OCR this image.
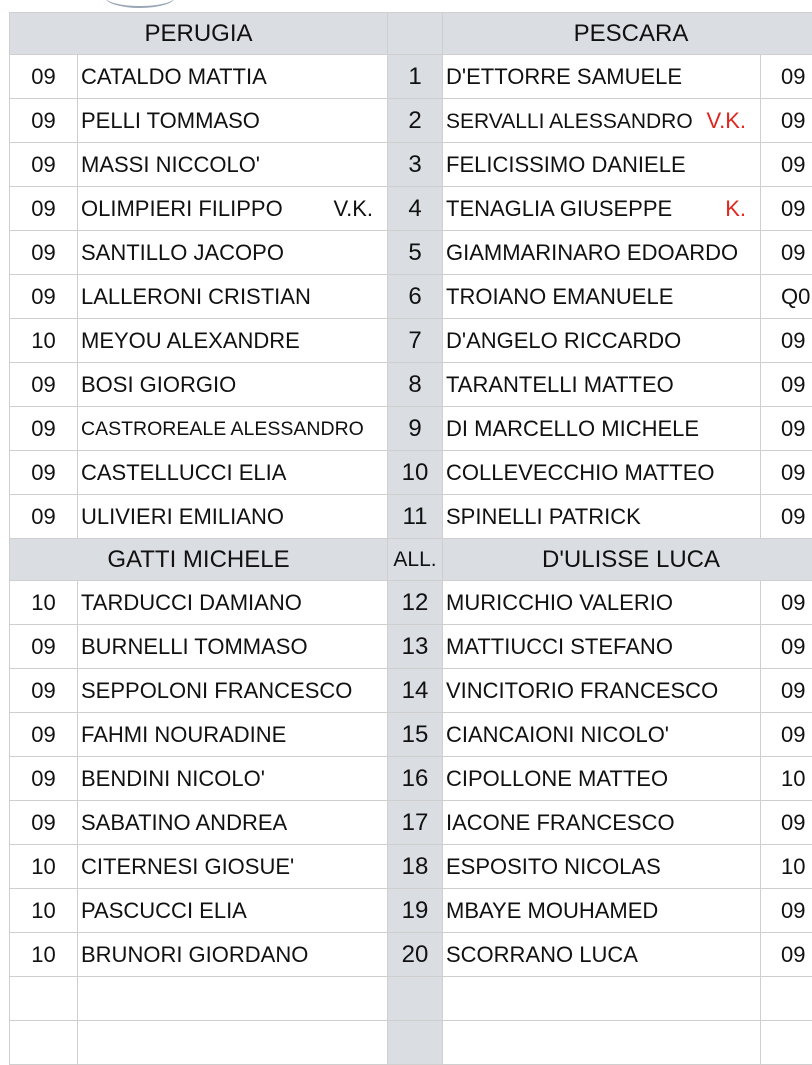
PERUGIA			PESCARA	
09	CATALDO MATTIA	1	D'ETTORRE SAMUELE	09
09	PELLI TOMMASO	2	SERVALLI ALESSANDRO V.K.	09
09	MASSI NICCOLO'	3	FELICISSIMO DANIELE	09
09	OLIMPIERI FILIPPO V.K.	4	TENAGLIA GIUSEPPE K.	09
09	SANTILLO JACOPO	5	GIAMMARINARO EDOARDO	09
09	LALLERONI CRISTIAN	6	TROIANO EMANUELE	Q0
10	MEYOU ALEXANDRE	7	D'ANGELO RICCARDO	09
09	BOSI GIORGIO	8	TARANTELLI MATTEO	09
09	CASTROREALE ALESSANDRO	9	DI MARCELLO MICHELE	09
09	CASTELLUCCI ELIA	10	COLLEVECCHIO MATTEO	09
09	ULIVIERI EMILIANO	11	SPINELLI PATRICK	09
GATTI MICHELE		ALL.	D'ULISSE LUCA	
10	TARDUCCI DAMIANO	12	MURICCHIO VALERIO	09
09	BURNELLI TOMMASO	13	MATTIUCCI STEFANO	09
09	SEPPOLONI FRANCESCO	14	VINCITORIO FRANCESCO	09
09	FAHMI NOURADINE	15	CIANCAIONI NICOLO'	09
09	BENDINI NICOLO'	16	CIPOLLONE MATTEO	10
09	SABATINO ANDREA	17	IACONE FRANCESCO	09
10	CITERNESI GIOSUE'	18	ESPOSITO NICOLAS	10
10	PASCUCCI ELIA	19	MBAYE MOUHAMED	09
10	BRUNORI GIORDANO	20	SCORRANO LUCA	09
